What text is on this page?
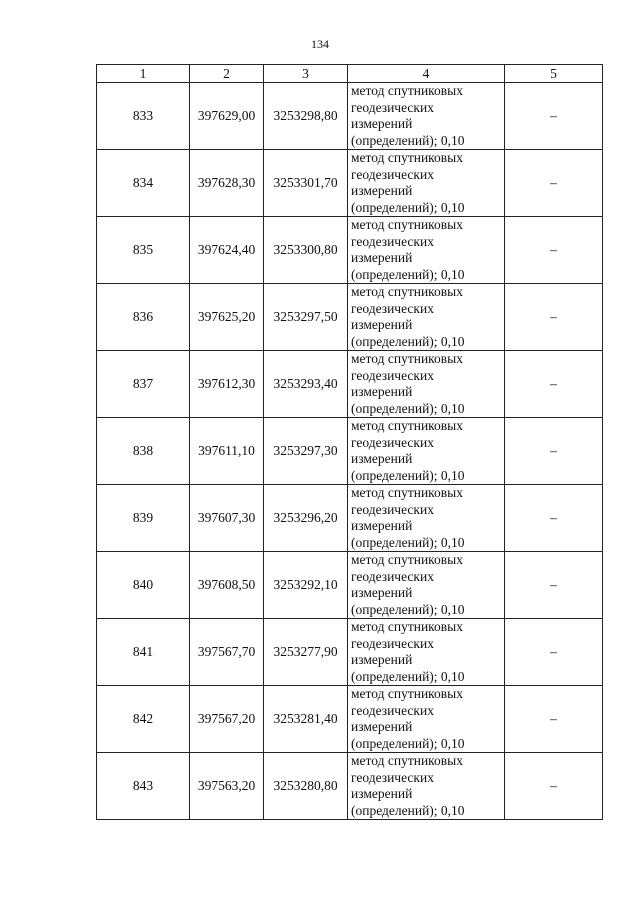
134
1	2	3	4	5
833	397629,00	3253298,80	метод спутниковых
геодезических
измерений
(определений); 0,10	–
834	397628,30	3253301,70	метод спутниковых
геодезических
измерений
(определений); 0,10	–
835	397624,40	3253300,80	метод спутниковых
геодезических
измерений
(определений); 0,10	–
836	397625,20	3253297,50	метод спутниковых
геодезических
измерений
(определений); 0,10	–
837	397612,30	3253293,40	метод спутниковых
геодезических
измерений
(определений); 0,10	–
838	397611,10	3253297,30	метод спутниковых
геодезических
измерений
(определений); 0,10	–
839	397607,30	3253296,20	метод спутниковых
геодезических
измерений
(определений); 0,10	–
840	397608,50	3253292,10	метод спутниковых
геодезических
измерений
(определений); 0,10	–
841	397567,70	3253277,90	метод спутниковых
геодезических
измерений
(определений); 0,10	–
842	397567,20	3253281,40	метод спутниковых
геодезических
измерений
(определений); 0,10	–
843	397563,20	3253280,80	метод спутниковых
геодезических
измерений
(определений); 0,10	–
